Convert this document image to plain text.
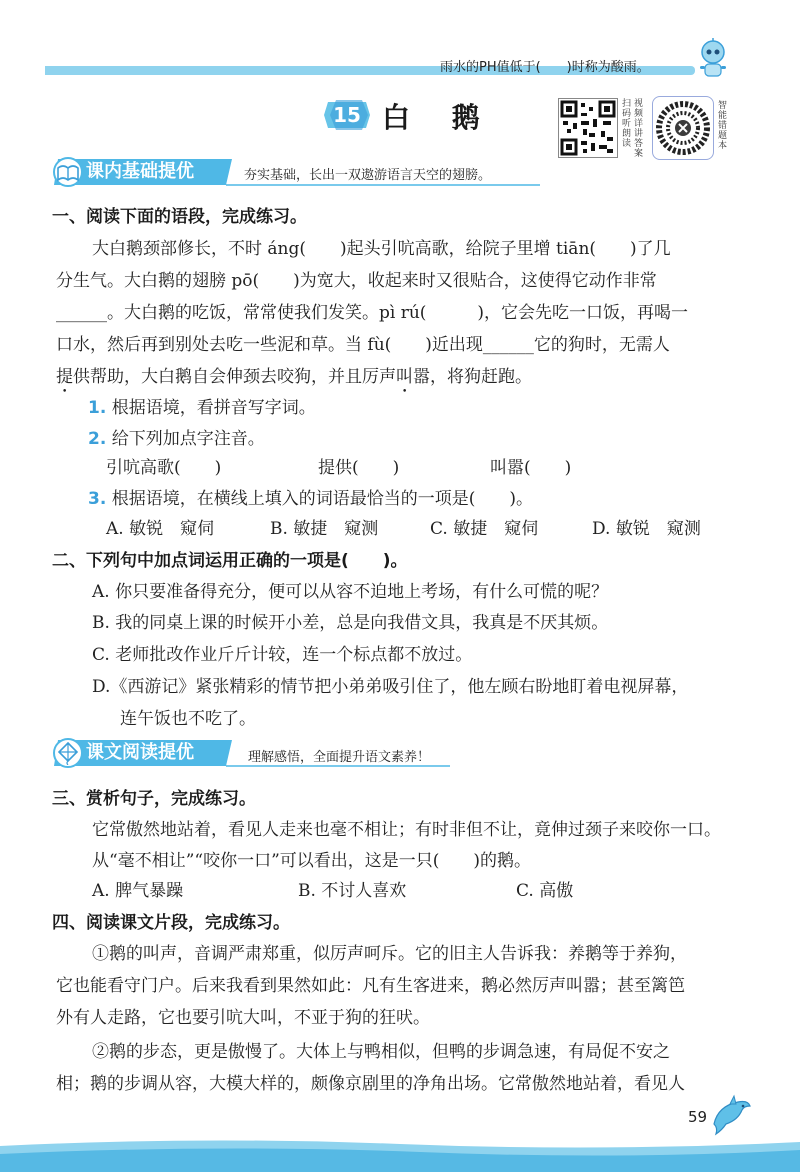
雨水的PH值低于(　　)时称为酸雨。
15 白 鹅	扫码听朗读 视频详讲答案	智能错题本
课内基础提优	夯实基础，长出一双遨游语言天空的翅膀。
一、阅读下面的语段，完成练习。
大白鹅颈部修长，不时 áng(　　)起头引吭高歌，给院子里增 tiān(　　)了几
分生气。大白鹅的翅膀 pō(　　)为宽大，收起来时又很贴合，这使得它动作非常
______。大白鹅的吃饭，常常使我们发笑。pì rú(　　　)，它会先吃一口饭，再喝一
口水，然后再到别处去吃一些泥和草。当 fù(　　)近出现______它的狗时，无需人
提供帮助，大白鹅自会伸颈去咬狗，并且厉声叫嚣，将狗赶跑。
1. 根据语境，看拼音写字词。
2. 给下列加点字注音。
引吭高歌(　　)	提供(　　)	叫嚣(　　)
3. 根据语境，在横线上填入的词语最恰当的一项是(　　)。
A. 敏锐　窥伺	B. 敏捷　窥测	C. 敏捷　窥伺	D. 敏锐　窥测
二、下列句中加点词运用正确的一项是(　　)。
A. 你只要准备得充分，便可以从容不迫地上考场，有什么可慌的呢？
B. 我的同桌上课的时候开小差，总是向我借文具，我真是不厌其烦。
C. 老师批改作业斤斤计较，连一个标点都不放过。
D.《西游记》紧张精彩的情节把小弟弟吸引住了，他左顾右盼地盯着电视屏幕，
连午饭也不吃了。
课文阅读提优	理解感悟，全面提升语文素养！
三、赏析句子，完成练习。
它常傲然地站着，看见人走来也毫不相让；有时非但不让，竟伸过颈子来咬你一口。
从“毫不相让”“咬你一口”可以看出，这是一只(　　)的鹅。
A. 脾气暴躁	B. 不讨人喜欢	C. 高傲
四、阅读课文片段，完成练习。
①鹅的叫声，音调严肃郑重，似厉声呵斥。它的旧主人告诉我：养鹅等于养狗，
它也能看守门户。后来我看到果然如此：凡有生客进来，鹅必然厉声叫嚣；甚至篱笆
外有人走路，它也要引吭大叫，不亚于狗的狂吠。
②鹅的步态，更是傲慢了。大体上与鸭相似，但鸭的步调急速，有局促不安之
相；鹅的步调从容，大模大样的，颇像京剧里的净角出场。它常傲然地站着，看见人
59
